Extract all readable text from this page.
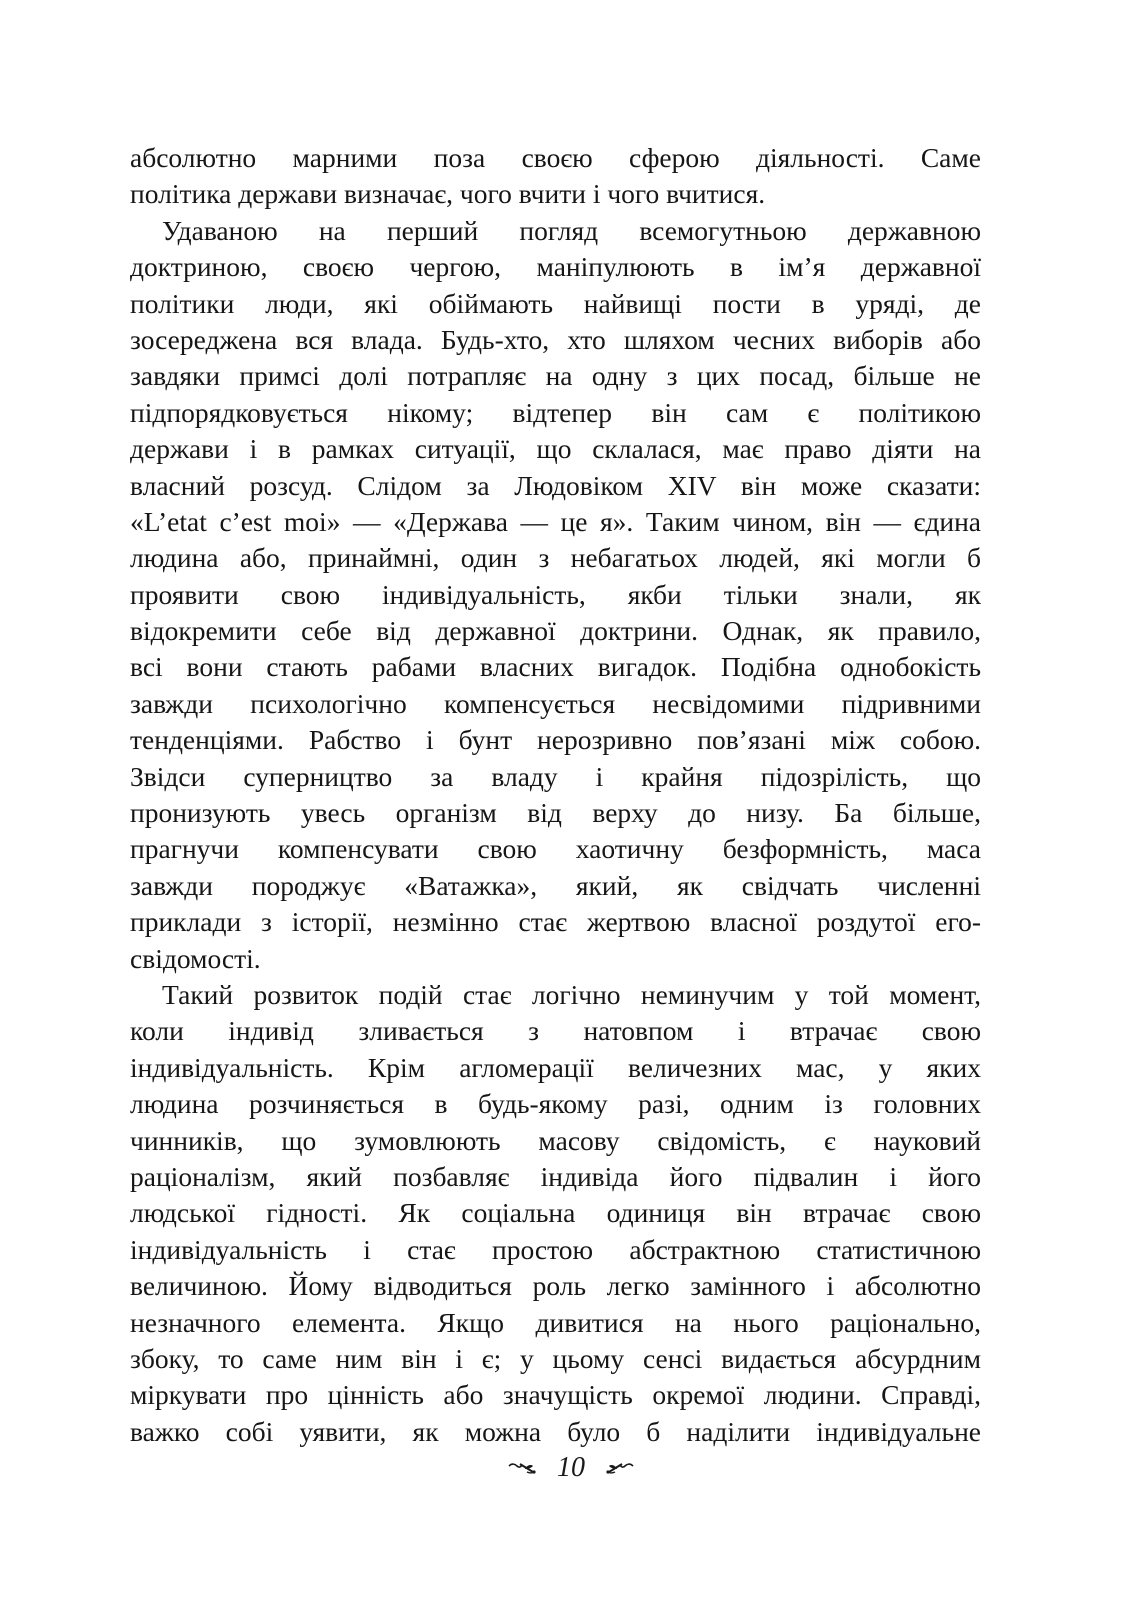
абсолютно марними поза своєю сферою діяльності. Саме
політика держави визначає, чого вчити і чого вчитися.
Удаваною на перший погляд всемогутньою державною
доктриною, своєю чергою, маніпулюють в ім’я державної
політики люди, які обіймають найвищі пости в уряді, де
зосереджена вся влада. Будь-хто, хто шляхом чесних виборів або
завдяки примсі долі потрапляє на одну з цих посад, більше не
підпорядковується нікому; відтепер він сам є політикою
держави і в рамках ситуації, що склалася, має право діяти на
власний розсуд. Слідом за Людовіком XIV він може сказати:
«L’etat c’est moi» — «Держава — це я». Таким чином, він — єдина
людина або, принаймні, один з небагатьох людей, які могли б
проявити свою індивідуальність, якби тільки знали, як
відокремити себе від державної доктрини. Однак, як правило,
всі вони стають рабами власних вигадок. Подібна однобокість
завжди психологічно компенсується несвідомими підривними
тенденціями. Рабство і бунт нерозривно пов’язані між собою.
Звідси суперництво за владу і крайня підозрілість, що
пронизують увесь організм від верху до низу. Ба більше,
прагнучи компенсувати свою хаотичну безформність, маса
завжди породжує «Ватажка», який, як свідчать численні
приклади з історії, незмінно стає жертвою власної роздутої его-
свідомості.
Такий розвиток подій стає логічно неминучим у той момент,
коли індивід зливається з натовпом і втрачає свою
індивідуальність. Крім агломерації величезних мас, у яких
людина розчиняється в будь-якому разі, одним із головних
чинників, що зумовлюють масову свідомість, є науковий
раціоналізм, який позбавляє індивіда його підвалин і його
людської гідності. Як соціальна одиниця він втрачає свою
індивідуальність і стає простою абстрактною статистичною
величиною. Йому відводиться роль легко замінного і абсолютно
незначного елемента. Якщо дивитися на нього раціонально,
збоку, то саме ним він і є; у цьому сенсі видається абсурдним
міркувати про цінність або значущість окремої людини. Справді,
важко собі уявити, як можна було б наділити індивідуальне
10
